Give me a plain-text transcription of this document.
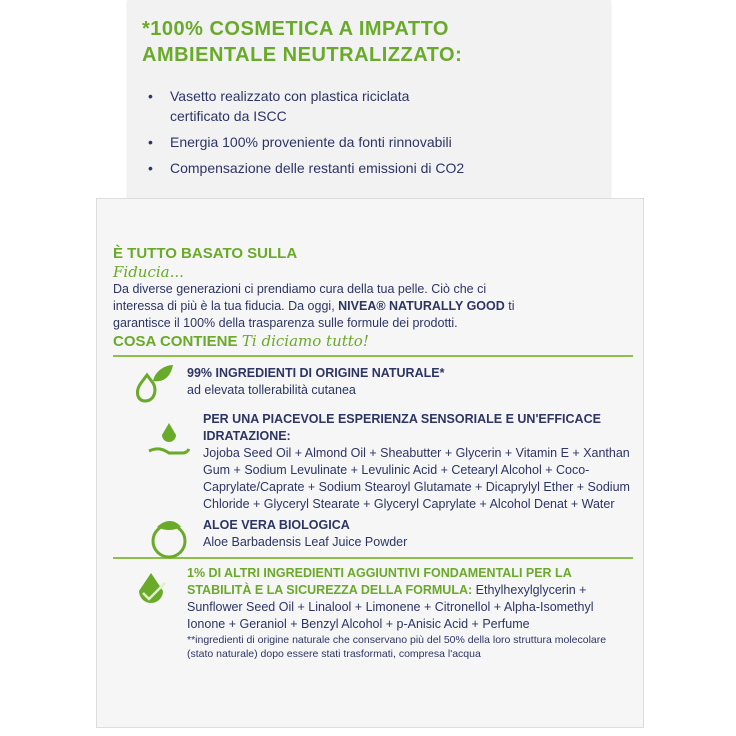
*100% COSMETICA A IMPATTO
AMBIENTALE NEUTRALIZZATO:
• Vasetto realizzato con plastica riciclata certificato da ISCC
• Energia 100% proveniente da fonti rinnovabili
• Compensazione delle restanti emissioni di CO2
È TUTTO BASATO SULLA
Fiducia...

Da diverse generazioni ci prendiamo cura della tua pelle. Ciò che ci interessa di più è la tua fiducia. Da oggi, NIVEA® NATURALLY GOOD ti garantisce il 100% della trasparenza sulle formule dei prodotti.

COSA CONTIENE Ti diciamo tutto!
99% INGREDIENTI DI ORIGINE NATURALE*
ad elevata tollerabilità cutanea
PER UNA PIACEVOLE ESPERIENZA SENSORIALE E UN'EFFICACE IDRATAZIONE:
Jojoba Seed Oil + Almond Oil + Sheabutter + Glycerin + Vitamin E + Xanthan Gum + Sodium Levulinate + Levulinic Acid + Cetearyl Alcohol + Coco-Caprylate/Caprate + Sodium Stearoyl Glutamate + Dicaprylyl Ether + Sodium Chloride + Glyceryl Stearate + Glyceryl Caprylate + Alcohol Denat + Water
ALOE VERA BIOLOGICA
Aloe Barbadensis Leaf Juice Powder

1% DI ALTRI INGREDIENTI AGGIUNTIVI FONDAMENTALI PER LA STABILITÀ E LA SICUREZZA DELLA FORMULA: Ethylhexylglycerin + Sunflower Seed Oil + Linalool + Limonene + Citronellol + Alpha-Isomethyl Ionone + Geraniol + Benzyl Alcohol + p-Anisic Acid + Perfume

**ingredienti di origine naturale che conservano più del 50% della loro struttura molecolare (stato naturale) dopo essere stati trasformati, compresa l'acqua
